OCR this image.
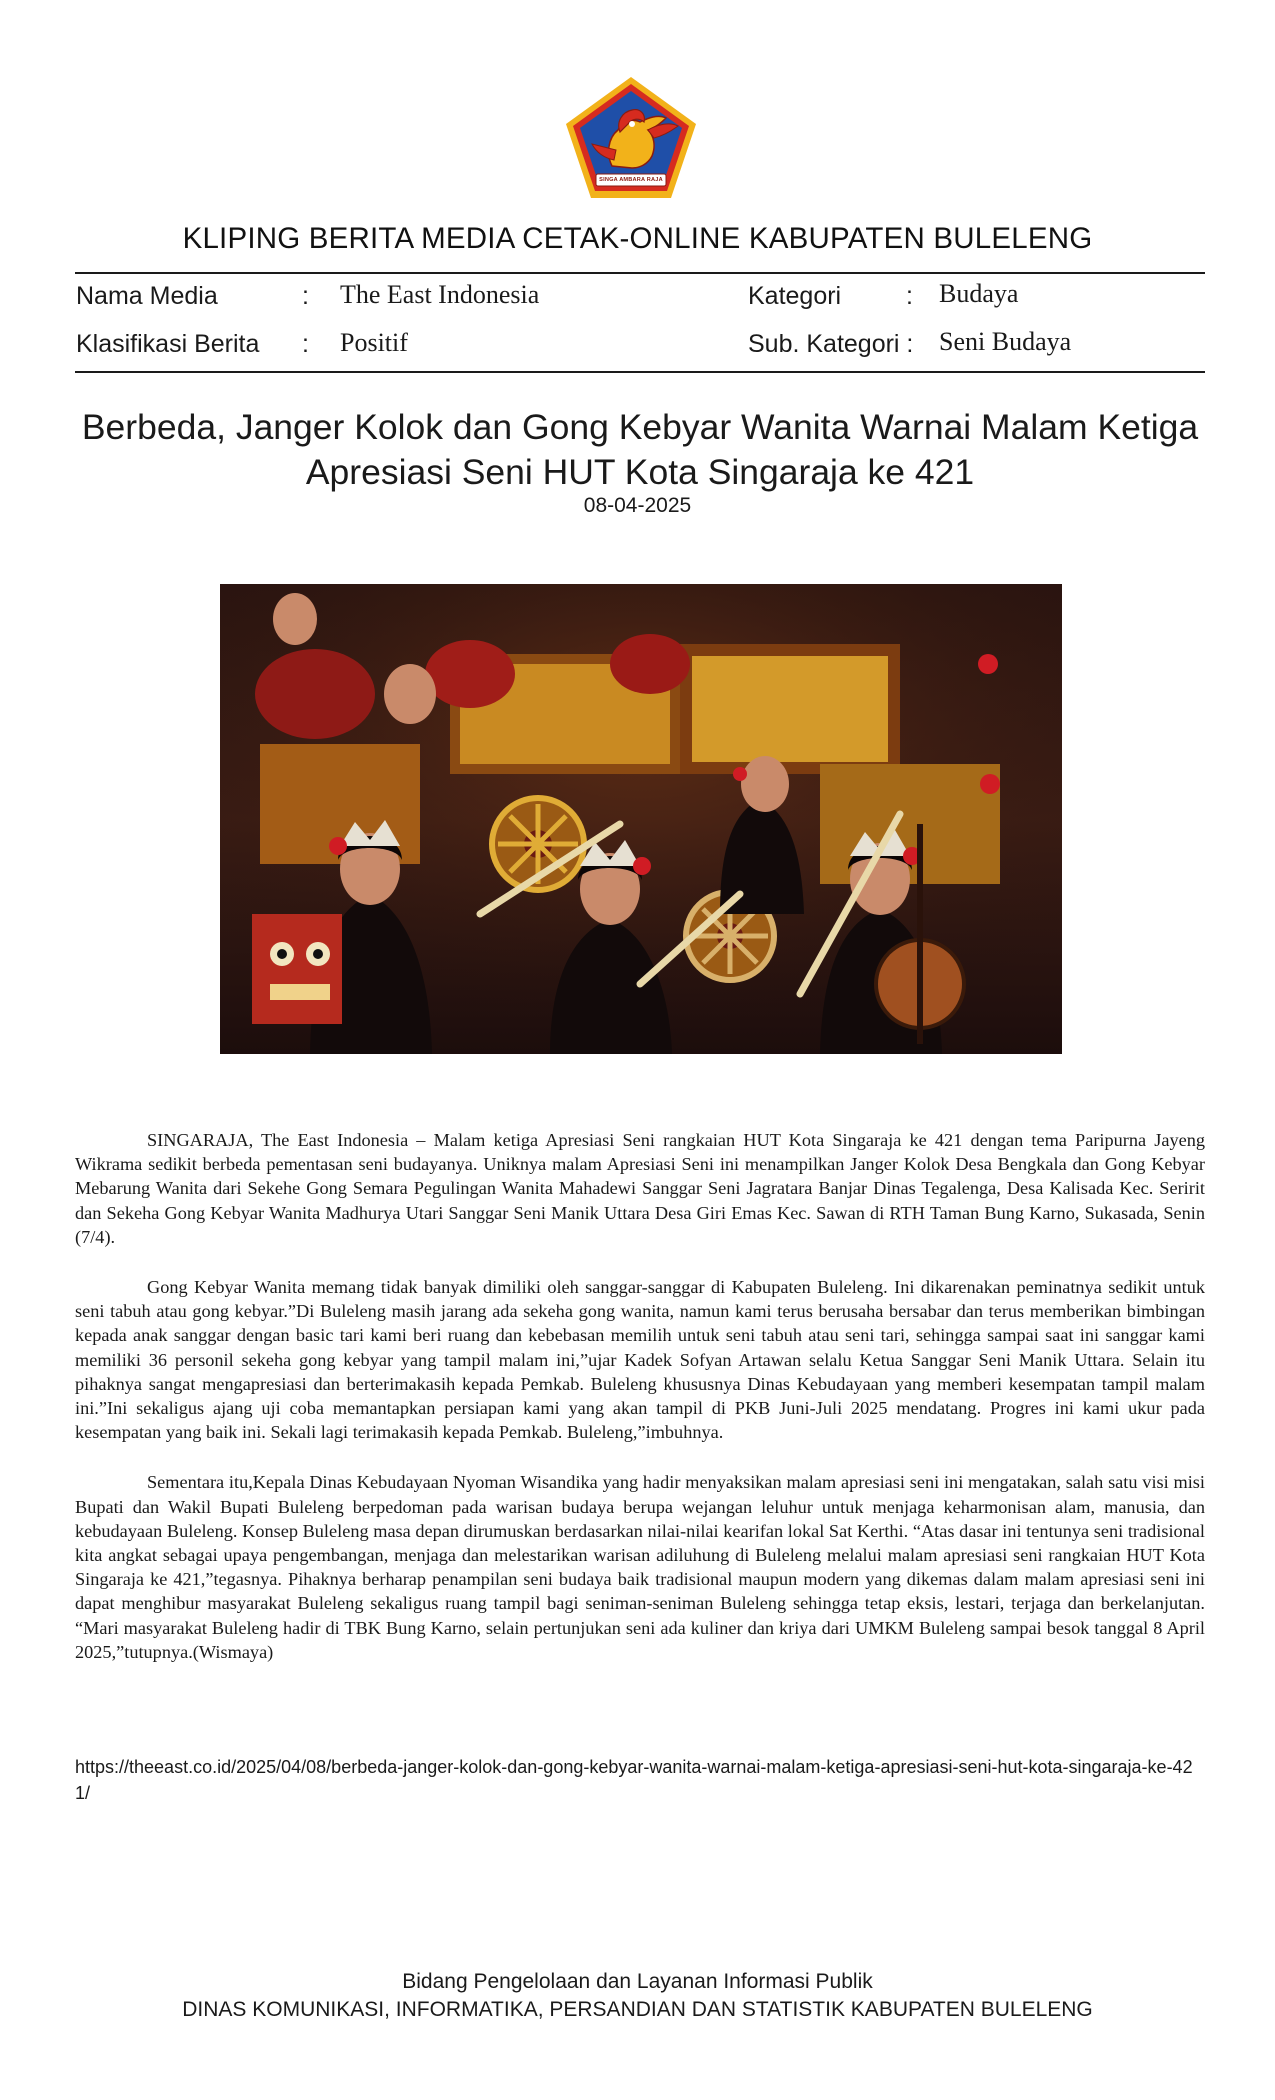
SINGA AMBARA RAJA
KLIPING BERITA MEDIA CETAK-ONLINE KABUPATEN BULELENG
Nama Media	: The East Indonesia	Kategori	: Budaya
Klasifikasi Berita : Positif	Sub. Kategori : Seni Budaya
Berbeda, Janger Kolok dan Gong Kebyar Wanita Warnai Malam Ketiga Apresiasi Seni HUT Kota Singaraja ke 421
08-04-2025

SINGARAJA, The East Indonesia – Malam ketiga Apresiasi Seni rangkaian HUT Kota Singaraja ke 421 dengan tema Paripurna Jayeng Wikrama sedikit berbeda pementasan seni budayanya. Uniknya malam Apresiasi Seni ini menampilkan Janger Kolok Desa Bengkala dan Gong Kebyar Mebarung Wanita dari Sekehe Gong Semara Pegulingan Wanita Mahadewi Sanggar Seni Jagratara Banjar Dinas Tegalenga, Desa Kalisada Kec. Seririt dan Sekeha Gong Kebyar Wanita Madhurya Utari Sanggar Seni Manik Uttara Desa Giri Emas Kec. Sawan di RTH Taman Bung Karno, Sukasada, Senin (7/4).

Gong Kebyar Wanita memang tidak banyak dimiliki oleh sanggar-sanggar di Kabupaten Buleleng. Ini dikarenakan peminatnya sedikit untuk seni tabuh atau gong kebyar.”Di Buleleng masih jarang ada sekeha gong wanita, namun kami terus berusaha bersabar dan terus memberikan bimbingan kepada anak sanggar dengan basic tari kami beri ruang dan kebebasan memilih untuk seni tabuh atau seni tari, sehingga sampai saat ini sanggar kami memiliki 36 personil sekeha gong kebyar yang tampil malam ini,”ujar Kadek Sofyan Artawan selalu Ketua Sanggar Seni Manik Uttara. Selain itu pihaknya sangat mengapresiasi dan berterimakasih kepada Pemkab. Buleleng khususnya Dinas Kebudayaan yang memberi kesempatan tampil malam ini.”Ini sekaligus ajang uji coba memantapkan persiapan kami yang akan tampil di PKB Juni-Juli 2025 mendatang. Progres ini kami ukur pada kesempatan yang baik ini. Sekali lagi terimakasih kepada Pemkab. Buleleng,”imbuhnya.

Sementara itu,Kepala Dinas Kebudayaan Nyoman Wisandika yang hadir menyaksikan malam apresiasi seni ini mengatakan, salah satu visi misi Bupati dan Wakil Bupati Buleleng berpedoman pada warisan budaya berupa wejangan leluhur untuk menjaga keharmonisan alam, manusia, dan kebudayaan Buleleng. Konsep Buleleng masa depan dirumuskan berdasarkan nilai-nilai kearifan lokal Sat Kerthi. “Atas dasar ini tentunya seni tradisional kita angkat sebagai upaya pengembangan, menjaga dan melestarikan warisan adiluhung di Buleleng melalui malam apresiasi seni rangkaian HUT Kota Singaraja ke 421,”tegasnya. Pihaknya berharap penampilan seni budaya baik tradisional maupun modern yang dikemas dalam malam apresiasi seni ini dapat menghibur masyarakat Buleleng sekaligus ruang tampil bagi seniman-seniman Buleleng sehingga tetap eksis, lestari, terjaga dan berkelanjutan. “Mari masyarakat Buleleng hadir di TBK Bung Karno, selain pertunjukan seni ada kuliner dan kriya dari UMKM Buleleng sampai besok tanggal 8 April 2025,”tutupnya.(Wismaya)

https://theeast.co.id/2025/04/08/berbeda-janger-kolok-dan-gong-kebyar-wanita-warnai-malam-ketiga-apresiasi-seni-hut-kota-singaraja-ke-421/
Bidang Pengelolaan dan Layanan Informasi Publik
DINAS KOMUNIKASI, INFORMATIKA, PERSANDIAN DAN STATISTIK KABUPATEN BULELENG
